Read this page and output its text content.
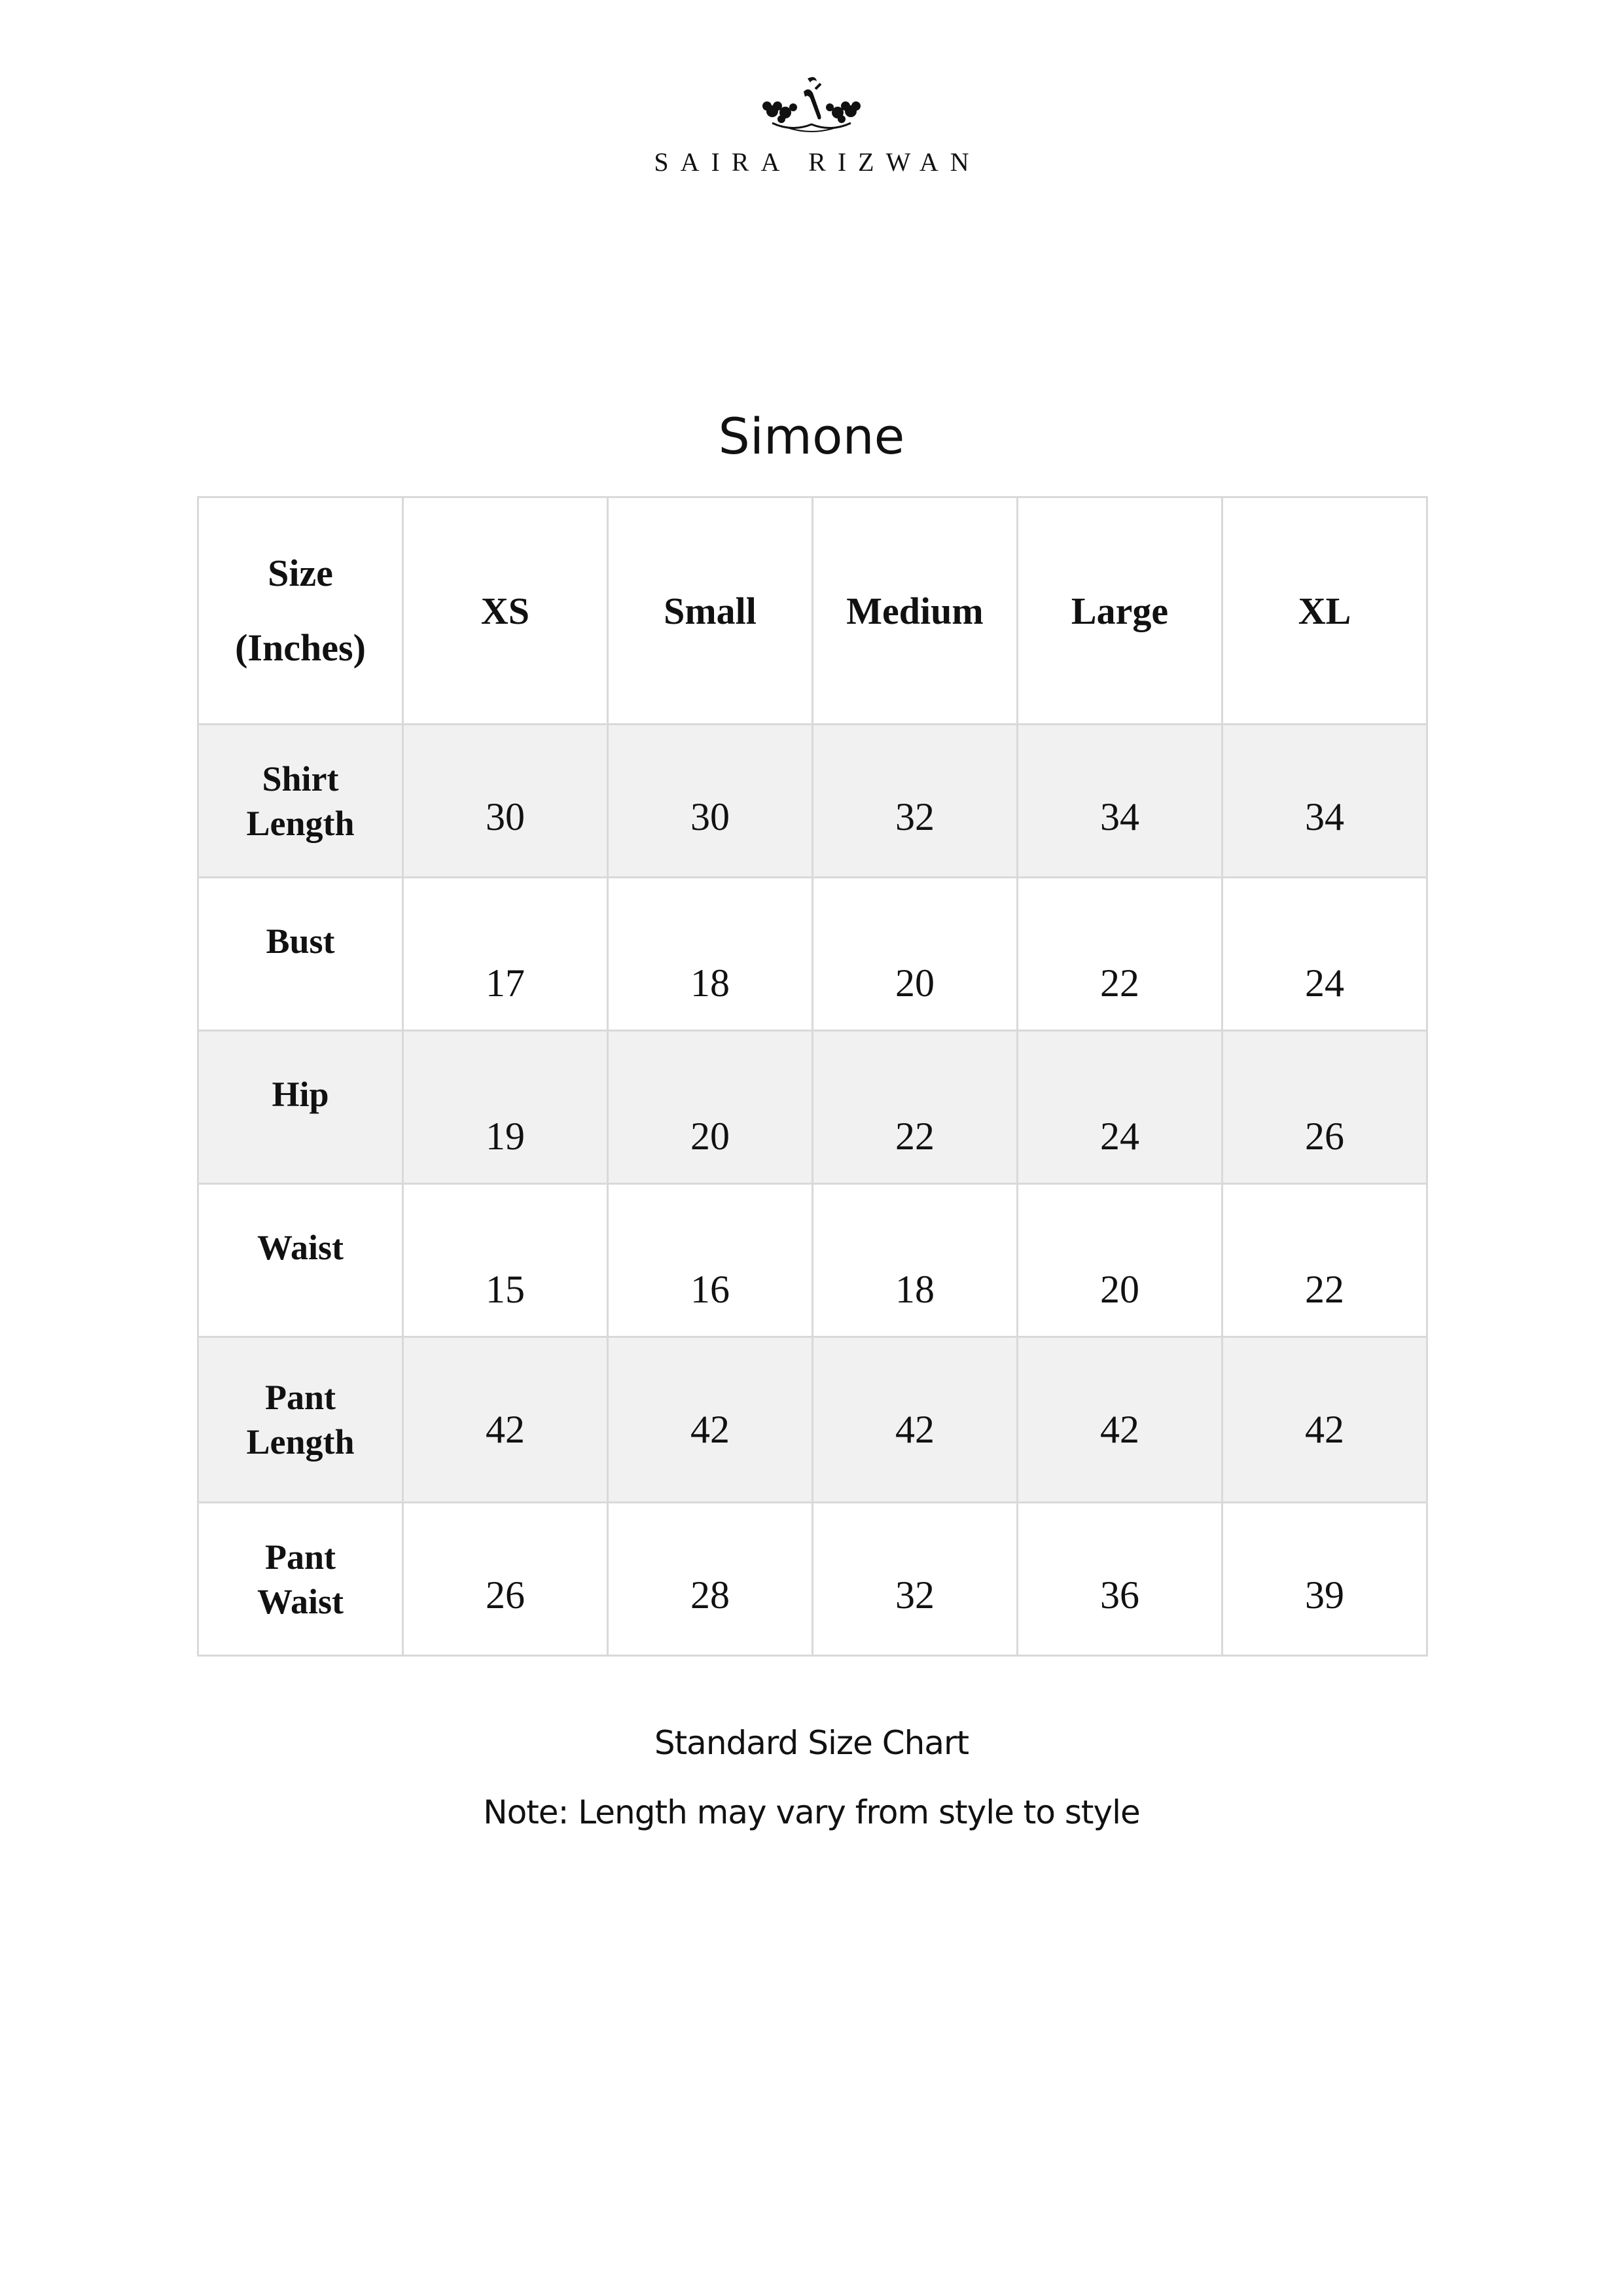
SAIRA RIZWAN
Simone
Size
(Inches)	XS	Small	Medium	Large	XL

Shirt
Length	30	30	32	34	34

Bust	17	18	20	22	24

Hip	19	20	22	24	26

Waist	15	16	18	20	22

Pant
Length	42	42	42	42	42

Pant
Waist	26	28	32	36	39
Standard Size Chart
Note: Length may vary from style to style
